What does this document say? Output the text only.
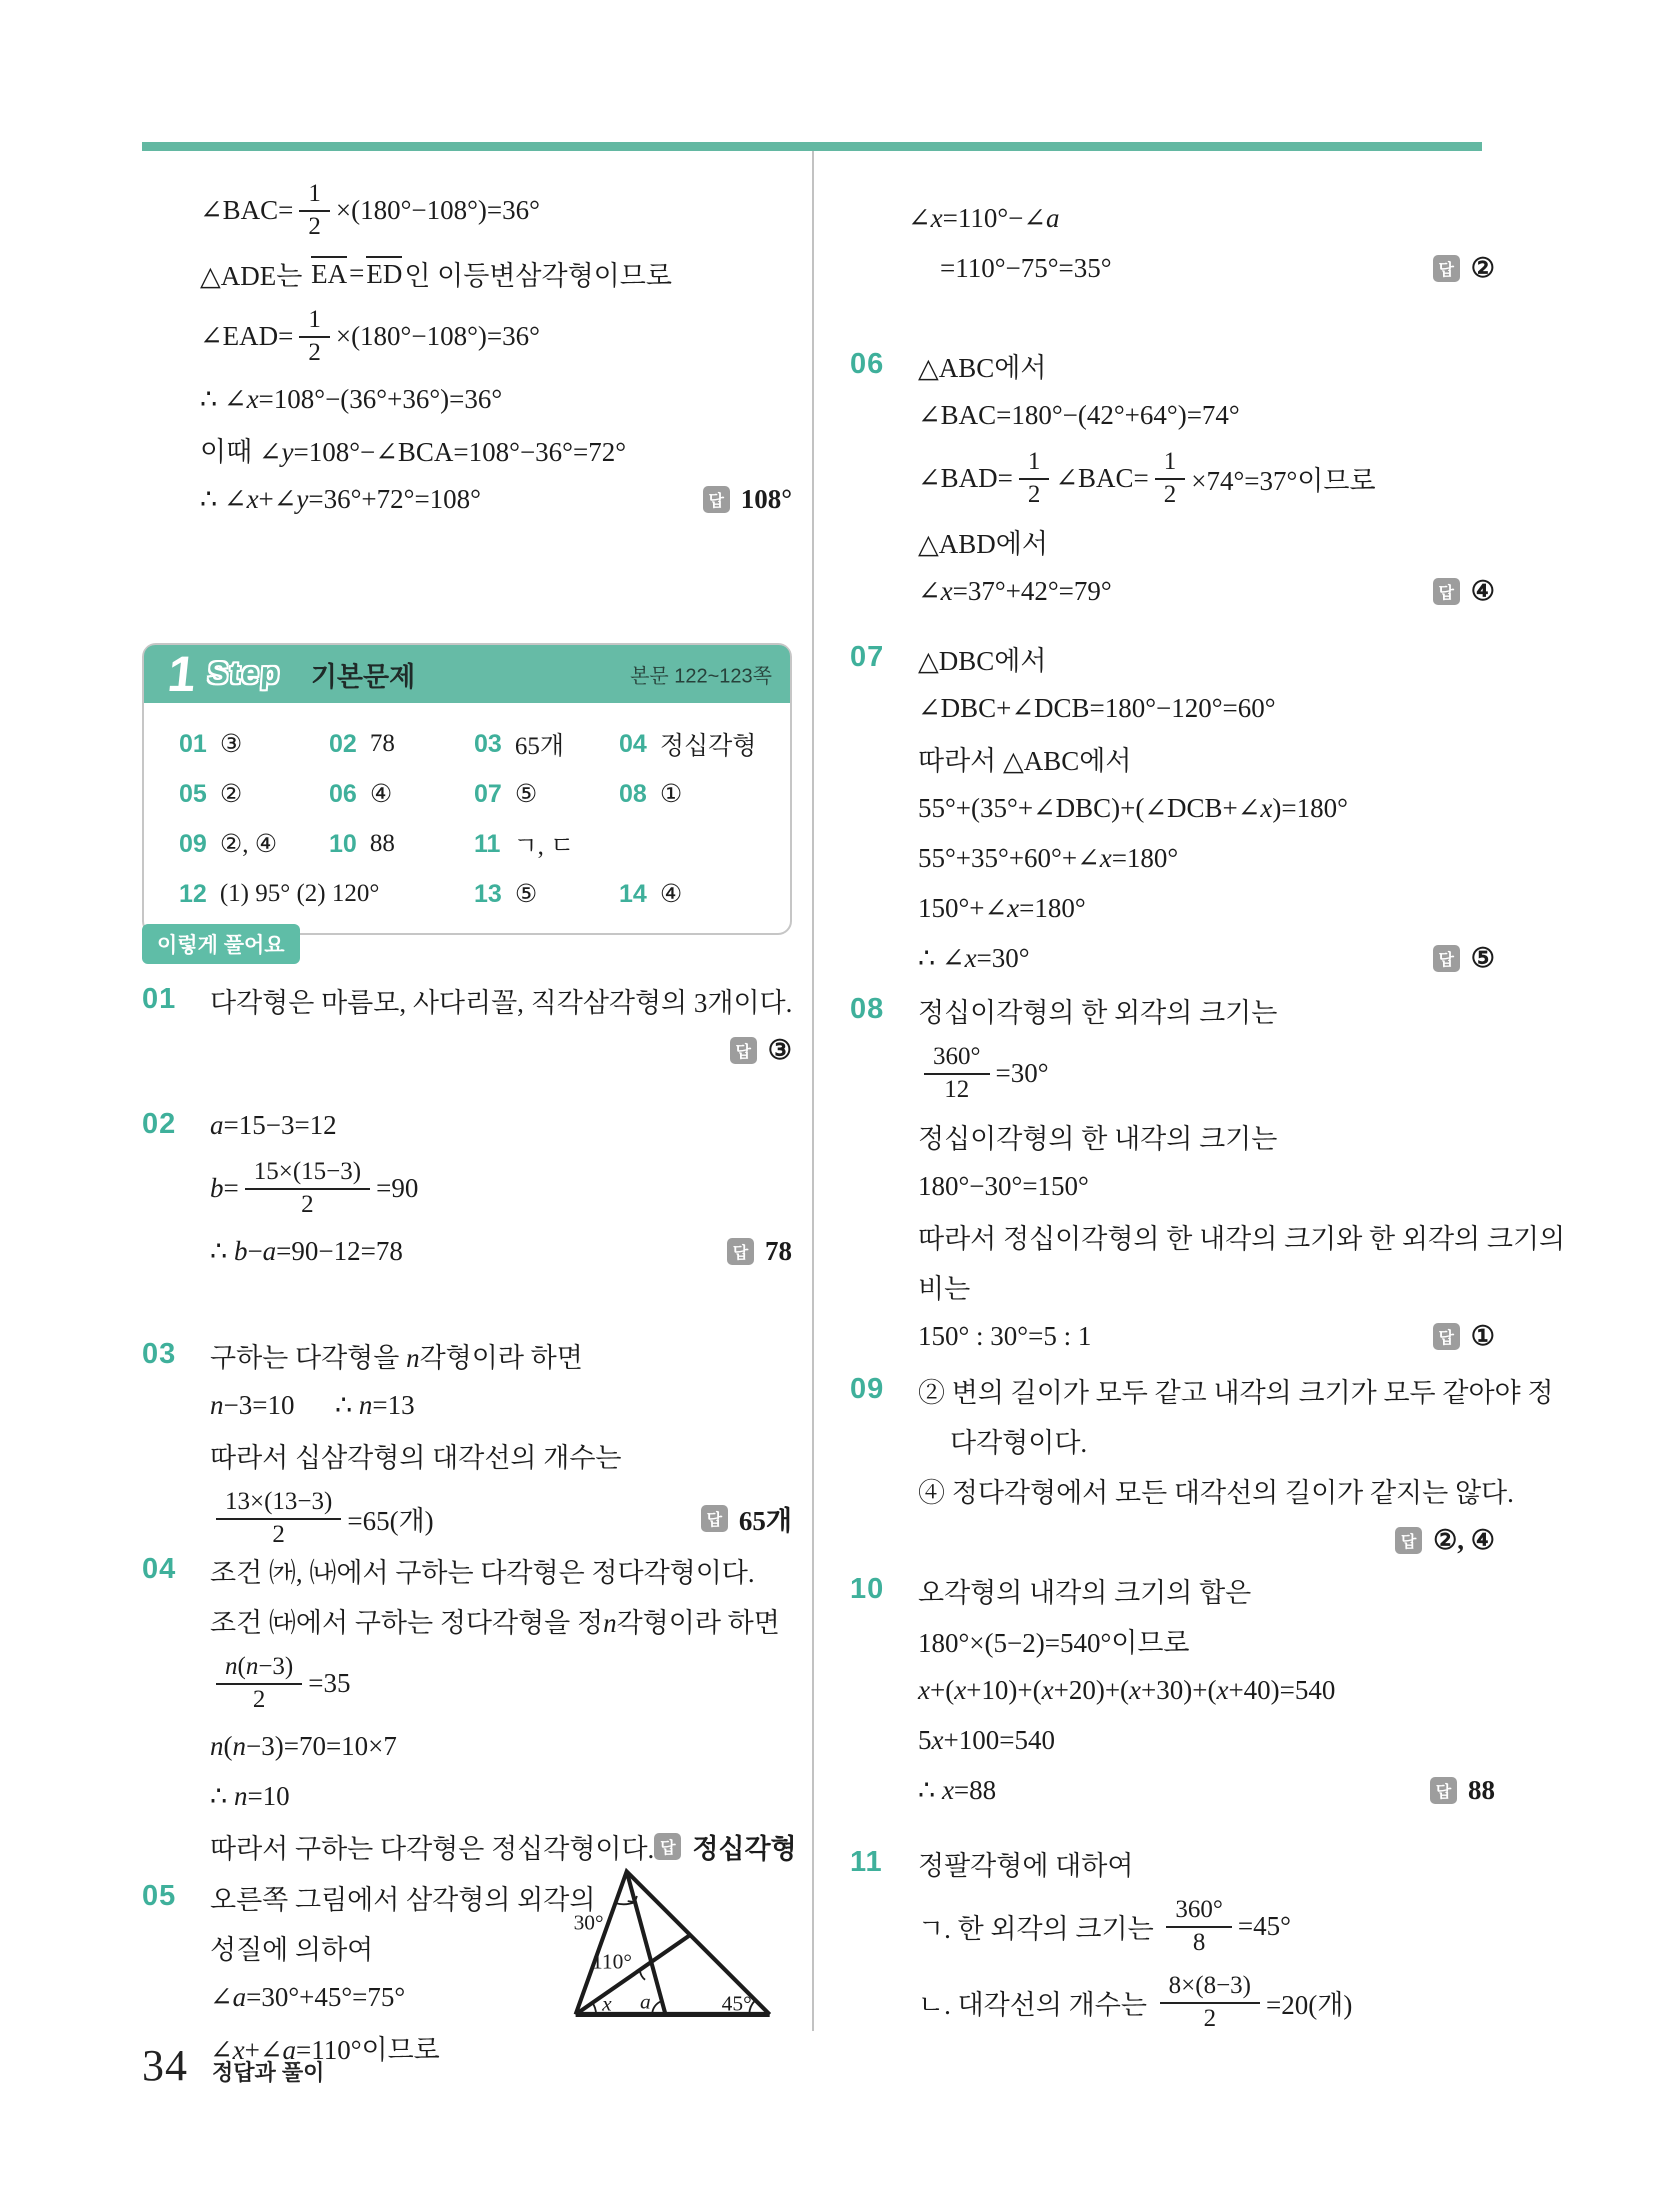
∠BAC= $\frac{1}{2} \times(180^\circ-108^\circ)=36^\circ$
△ADE는 EA = ED 인 이등변삼각형이므로
∠EAD= $\frac{1}{2} \times(180^\circ-108^\circ)=36^\circ$
∴ ∠x=108°−(36°+36°)=36°
이때 ∠y=108°−∠BCA=108°−36°=72°
∴ ∠x+∠y=36°+72°=108°	답 108°
1 Step 기본문제	본문 122~123쪽
01 ③	02 78	03 65개 04 정십각형
05 ②	06 ④	07 ⑤	08 ①
09 ②, ④ 10 88	11 ㄱ, ㄷ
12 (1) 95° (2) 120°	13 ⑤	14 ④
이렇게 풀어요
01 다각형은 마름모, 사다리꼴, 직각삼각형의 3개이다.
답 ③
02 a=15−3=12
$b= \frac{15\times(15-3)}{2} =90$
∴ b−a=90−12=78	답 78
03 구하는 다각형을 n각형이라 하면
n−3=10  ∴ n=13
따라서 십삼각형의 대각선의 개수는
$\frac{13\times(13-3)}{2} =65$(개)	답 65개
04 조건 ㈎, ㈏에서 구하는 다각형은 정다각형이다.
조건 ㈐에서 구하는 정다각형을 정n각형이라 하면
$\frac{n(n-3)}{2} =35$
n(n−3)=70=10×7
∴ n=10
따라서 구하는 다각형은 정십각형이다. 답 정십각형
05 오른쪽 그림에서 삼각형의 외각의
성질에 의하여
∠a=30°+45°=75°
∠x+∠a=110°이므로
30°
110°
x a	45°
∠x=110°−∠a
=110°−75°=35°	답 ②
06 △ABC에서
∠BAC=180°−(42°+64°)=74°
∠BAD= $\frac{1}{2}$ ∠BAC= $\frac{1}{2} \times 74^\circ=37^\circ$이므로
△ABD에서
∠x=37°+42°=79°	답 ④
07 △DBC에서
∠DBC+∠DCB=180°−120°=60°
따라서 △ABC에서
55°+(35°+∠DBC)+(∠DCB+∠x)=180°
55°+35°+60°+∠x=180°
150°+∠x=180°
∴ ∠x=30°	답 ⑤
08 정십이각형의 한 외각의 크기는
$\frac{360^\circ}{12} =30^\circ$
정십이각형의 한 내각의 크기는
180°−30°=150°
따라서 정십이각형의 한 내각의 크기와 한 외각의 크기의
비는
150° : 30°=5 : 1	답 ①
09 ② 변의 길이가 모두 같고 내각의 크기가 모두 같아야 정
다각형이다.
④ 정다각형에서 모든 대각선의 길이가 같지는 않다.
답 ②, ④
10 오각형의 내각의 크기의 합은
180°×(5−2)=540°이므로
x+(x+10)+(x+20)+(x+30)+(x+40)=540
5x+100=540
∴ x=88	답 88
11 정팔각형에 대하여
ㄱ. 한 외각의 크기는 $\frac{360^\circ}{8} =45^\circ$
ㄴ. 대각선의 개수는 $\frac{8\times(8-3)}{2} =20$(개)
34 정답과 풀이
